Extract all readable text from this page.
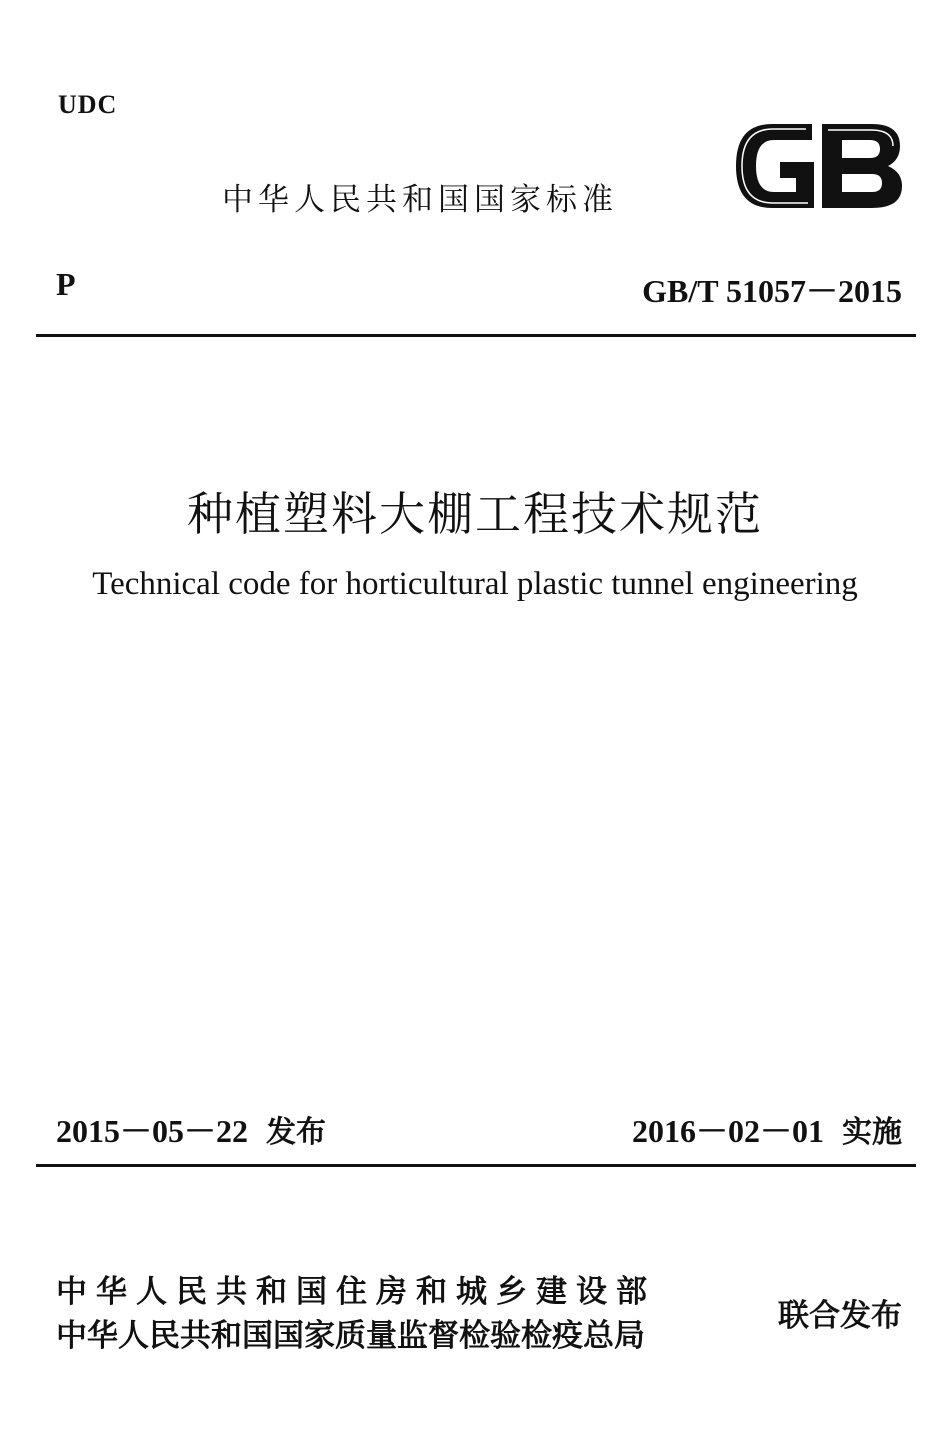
UDC
中华人民共和国国家标准
P	GB/T 51057－2015
种植塑料大棚工程技术规范
Technical code for horticultural plastic tunnel engineering
2015－05－22 发布	2016－02－01 实施
中华人民共和国住房和城乡建设部
中华人民共和国国家质量监督检验检疫总局
联合发布
